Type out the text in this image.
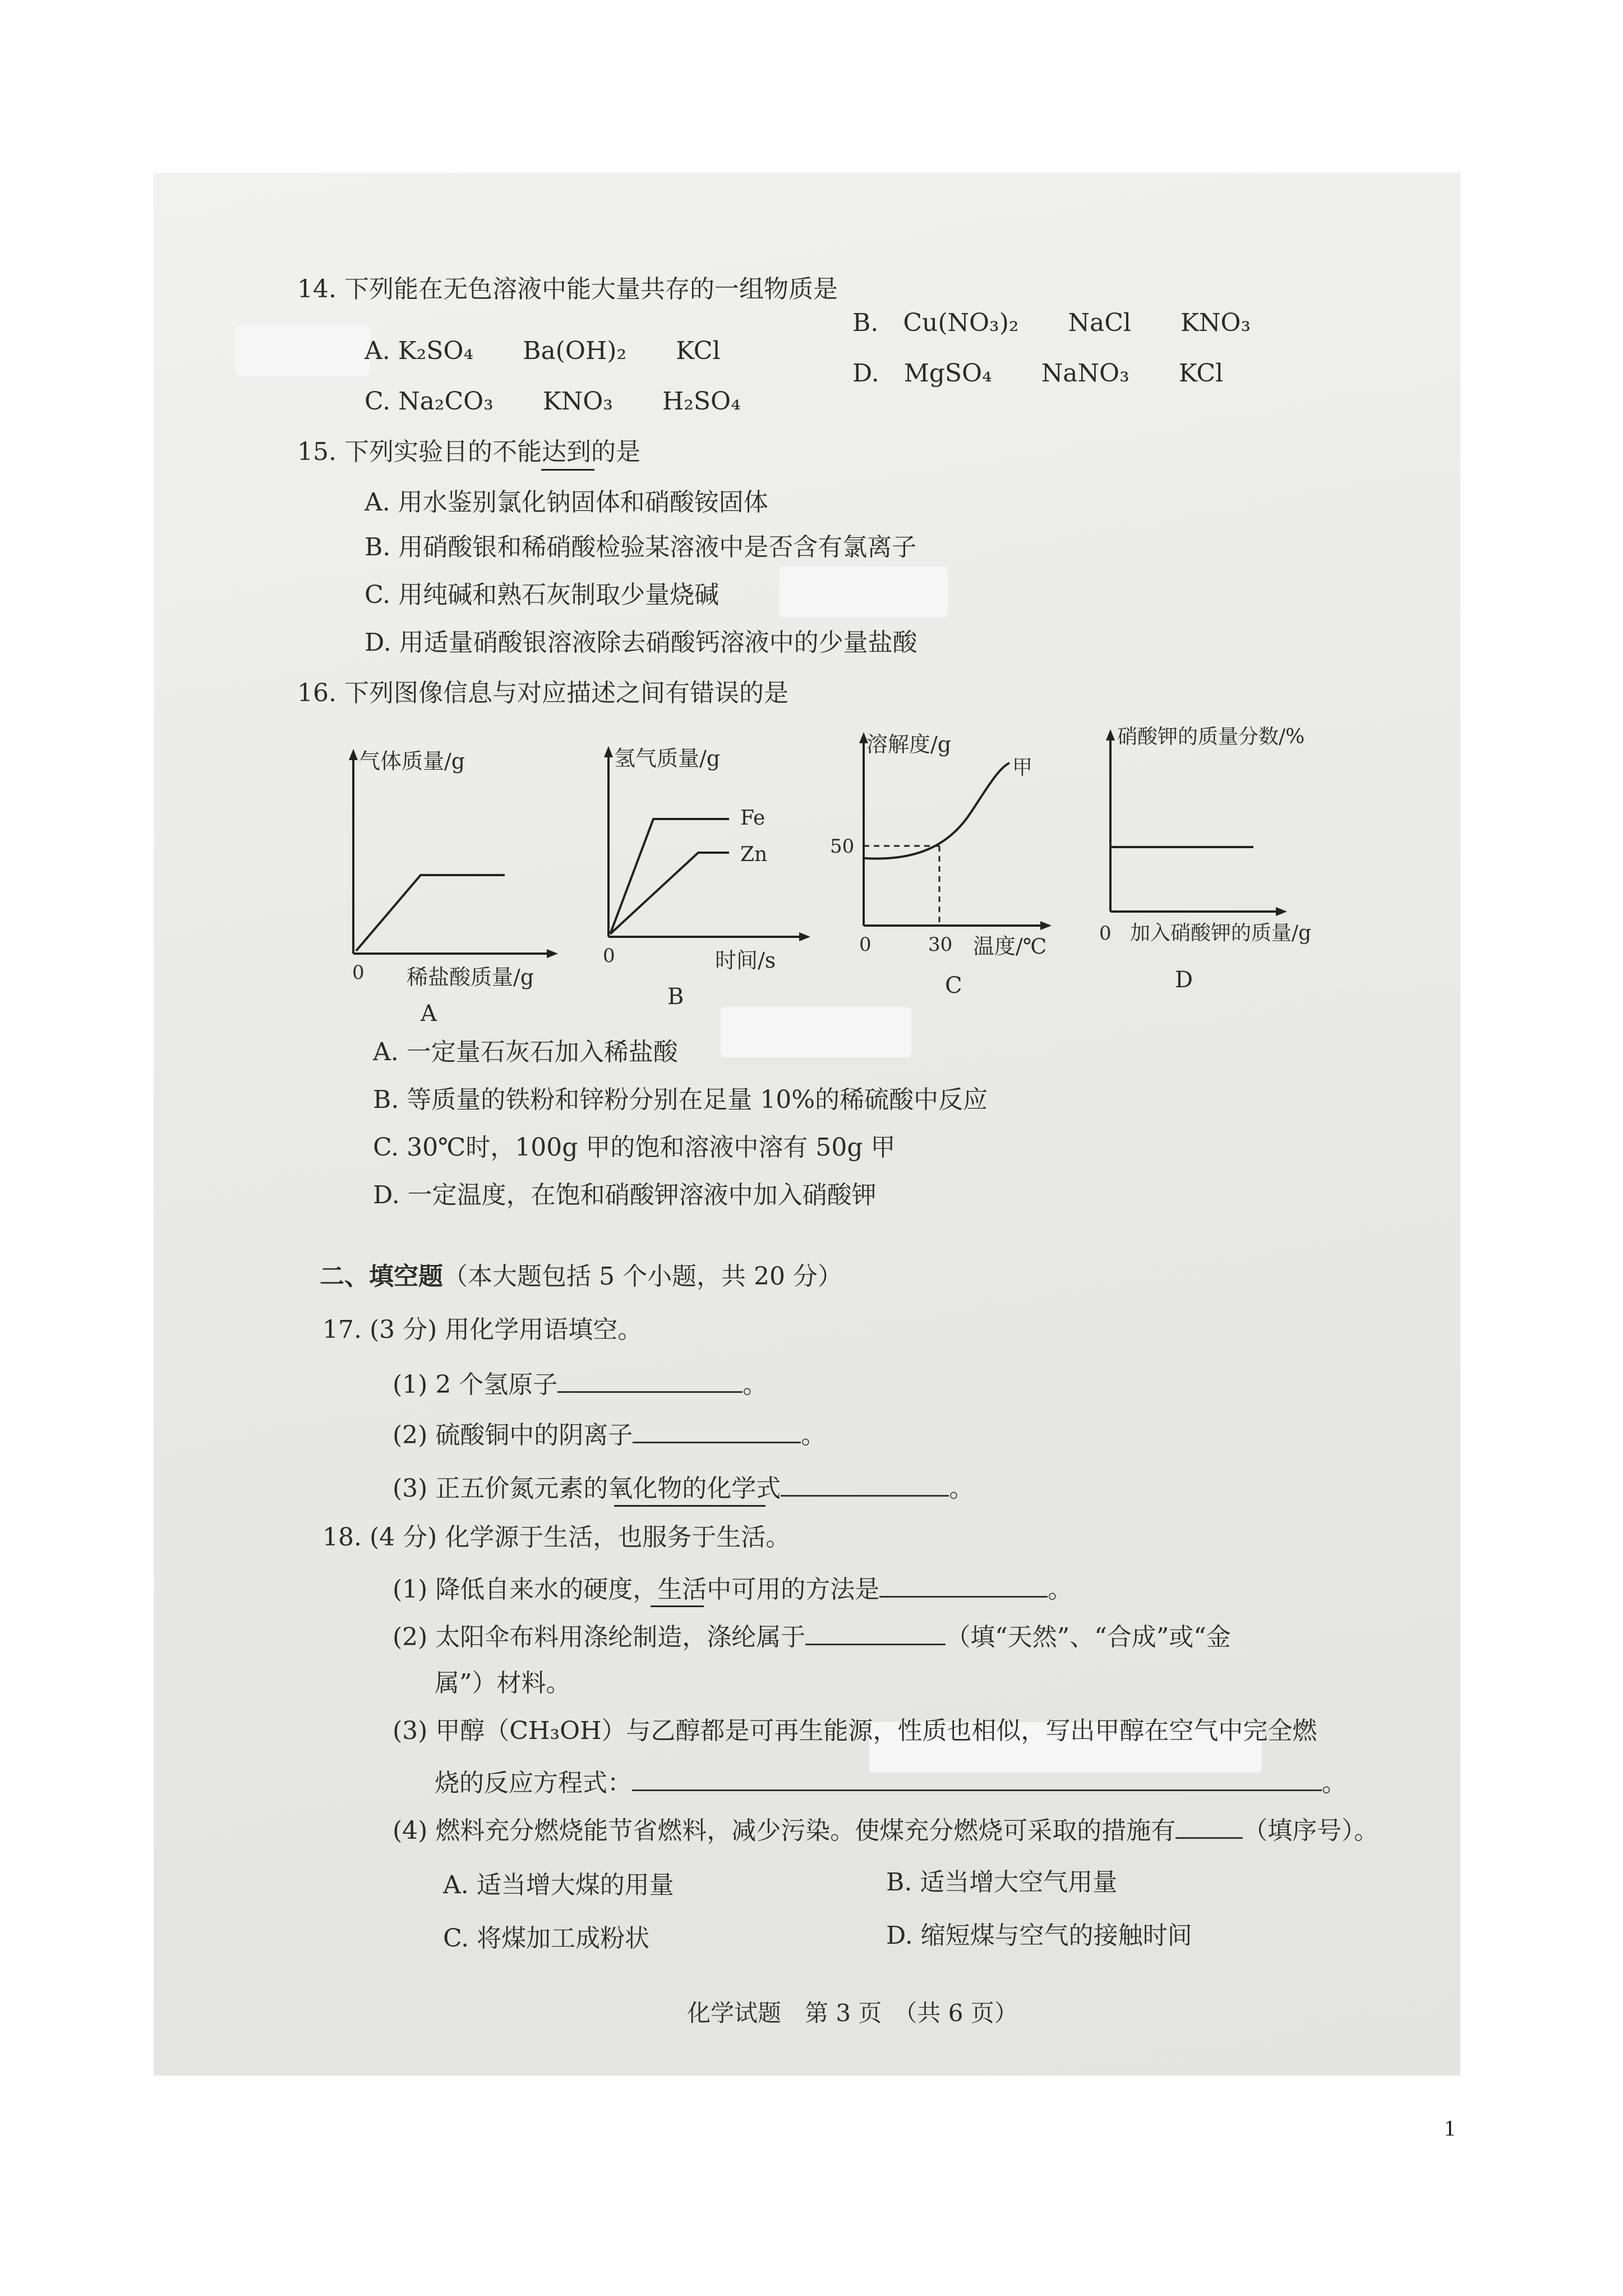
14. 下列能在无色溶液中能大量共存的一组物质是
A. K₂SO₄　　Ba(OH)₂　　KCl
B.　Cu(NO₃)₂　　NaCl　　KNO₃
C. Na₂CO₃　　KNO₃　　H₂SO₄
D.　MgSO₄　　NaNO₃　　KCl
15. 下列实验目的不能达到的是
A. 用水鉴别氯化钠固体和硝酸铵固体
B. 用硝酸银和稀硝酸检验某溶液中是否含有氯离子
C. 用纯碱和熟石灰制取少量烧碱
D. 用适量硝酸银溶液除去硝酸钙溶液中的少量盐酸
16. 下列图像信息与对应描述之间有错误的是
气体质量/g
0 稀盐酸质量/g
A
氢气质量/g
Fe
Zn
0	时间/s
B
溶解度/g
甲
50
0	30 温度/℃
C
硝酸钾的质量分数/%
0 加入硝酸钾的质量/g
D
A. 一定量石灰石加入稀盐酸
B. 等质量的铁粉和锌粉分别在足量 10%的稀硫酸中反应
C. 30℃时，100g 甲的饱和溶液中溶有 50g 甲
D. 一定温度，在饱和硝酸钾溶液中加入硝酸钾
二、填空题（本大题包括 5 个小题，共 20 分）
17. (3 分) 用化学用语填空。
(1) 2 个氢原子	。
(2) 硫酸铜中的阴离子	。
(3) 正五价氮元素的氧化物的化学式	。
18. (4 分) 化学源于生活，也服务于生活。
(1) 降低自来水的硬度，生活中可用的方法是	。
(2) 太阳伞布料用涤纶制造，涤纶属于	（填“天然”、“合成”或“金
属”）材料。
(3) 甲醇（CH₃OH）与乙醇都是可再生能源，性质也相似，写出甲醇在空气中完全燃
烧的反应方程式：	。
(4) 燃料充分燃烧能节省燃料，减少污染。使煤充分燃烧可采取的措施有	（填序号）。
A. 适当增大煤的用量	B. 适当增大空气用量
C. 将煤加工成粉状	D. 缩短煤与空气的接触时间
化学试题　第 3 页　（共 6 页）
1
